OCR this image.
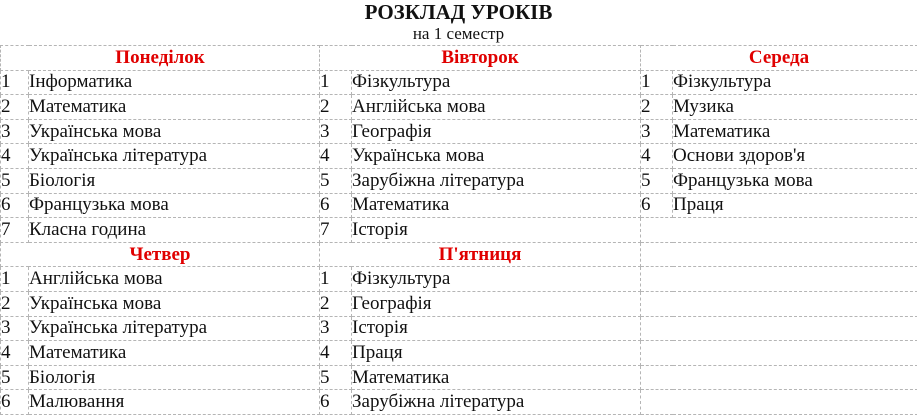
РОЗКЛАД УРОКІВ
на 1 семестр
Понеділок		Вівторок		Середа	
1	Інформатика	1	Фізкультура	1	Фізкультура
2	Математика	2	Англійська мова	2	Музика
3	Українська мова	3	Географія	3	Математика
4	Українська література	4	Українська мова	4	Основи здоров'я
5	Біологія	5	Зарубіжна література	5	Французька мова
6	Французька мова	6	Математика	6	Праця
7	Класна година	7	Історія		
Четвер		П'ятниця			
1	Англійська мова	1	Фізкультура		
2	Українська мова	2	Географія		
3	Українська література	3	Історія		
4	Математика	4	Праця		
5	Біологія	5	Математика		
6	Малювання	6	Зарубіжна література		
